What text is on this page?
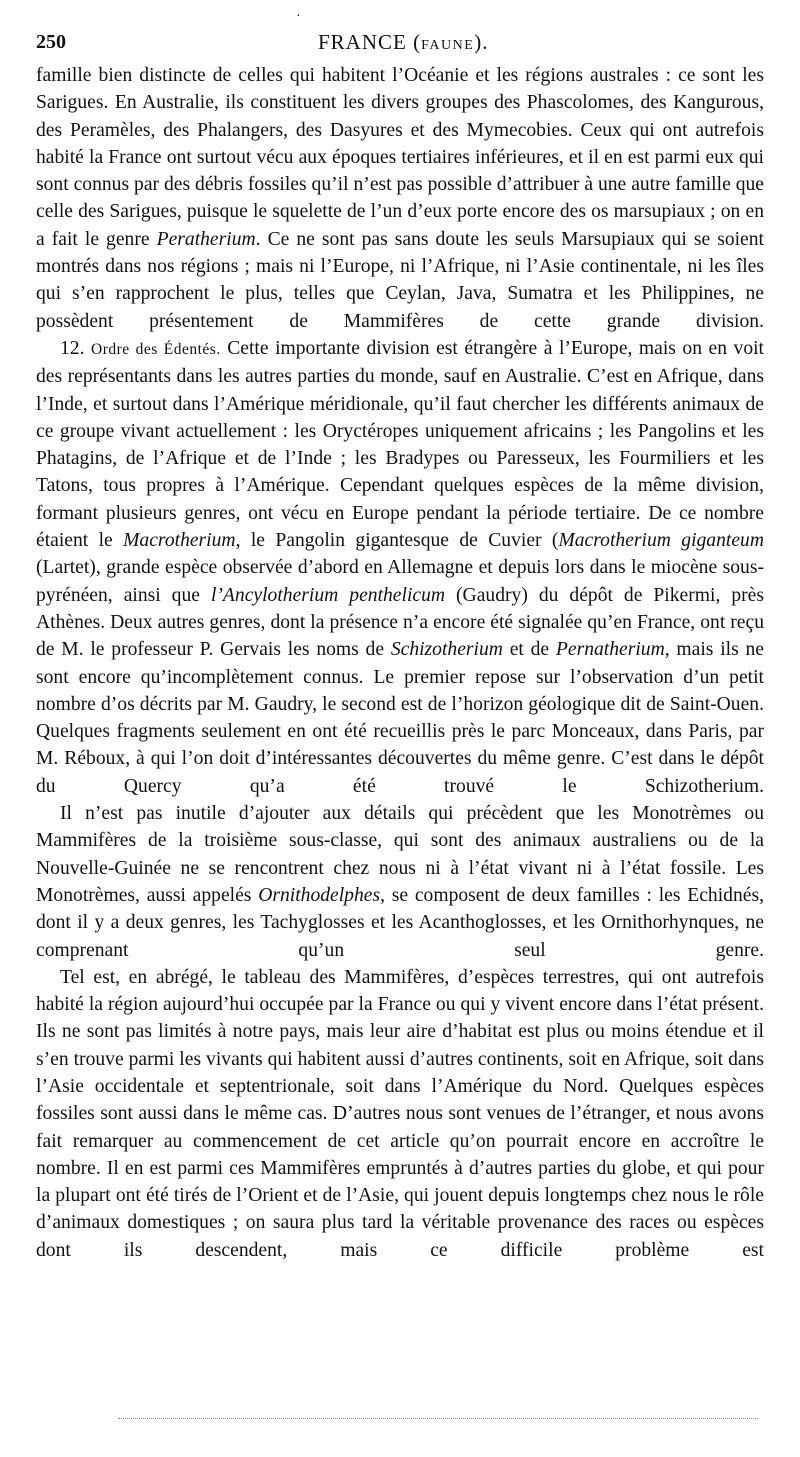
·
250	FRANCE (FAUNE).

famille bien distincte de celles qui habitent l’Océanie et les régions australes : ce sont les Sarigues. En Australie, ils constituent les divers groupes des Phascolomes, des Kangurous, des Peramèles, des Phalangers, des Dasyures et des Mymecobies. Ceux qui ont autrefois habité la France ont surtout vécu aux époques tertiaires inférieures, et il en est parmi eux qui sont connus par des débris fossiles qu’il n’est pas possible d’attribuer à une autre famille que celle des Sarigues, puisque le squelette de l’un d’eux porte encore des os marsupiaux ; on en a fait le genre Peratherium. Ce ne sont pas sans doute les seuls Marsupiaux qui se soient montrés dans nos régions ; mais ni l’Europe, ni l’Afrique, ni l’Asie continentale, ni les îles qui s’en rapprochent le plus, telles que Ceylan, Java, Sumatra et les Philippines, ne possèdent présentement de Mammifères de cette grande division.

12. Ordre des Édentés. Cette importante division est étrangère à l’Europe, mais on en voit des représentants dans les autres parties du monde, sauf en Australie. C’est en Afrique, dans l’Inde, et surtout dans l’Amérique méridionale, qu’il faut chercher les différents animaux de ce groupe vivant actuellement : les Oryctéropes uniquement africains ; les Pangolins et les Phatagins, de l’Afrique et de l’Inde ; les Bradypes ou Paresseux, les Fourmiliers et les Tatons, tous propres à l’Amérique. Cependant quelques espèces de la même division, formant plusieurs genres, ont vécu en Europe pendant la période tertiaire. De ce nombre étaient le Macrotherium, le Pangolin gigantesque de Cuvier (Macrotherium giganteum (Lartet), grande espèce observée d’abord en Allemagne et depuis lors dans le miocène sous-pyrénéen, ainsi que l’Ancylotherium penthelicum (Gaudry) du dépôt de Pikermi, près Athènes. Deux autres genres, dont la présence n’a encore été signalée qu’en France, ont reçu de M. le professeur P. Gervais les noms de Schizotherium et de Pernatherium, mais ils ne sont encore qu’incomplètement connus. Le premier repose sur l’observation d’un petit nombre d’os décrits par M. Gaudry, le second est de l’horizon géologique dit de Saint-Ouen. Quelques fragments seulement en ont été recueillis près le parc Monceaux, dans Paris, par M. Réboux, à qui l’on doit d’intéressantes découvertes du même genre. C’est dans le dépôt du Quercy qu’a été trouvé le Schizotherium.

Il n’est pas inutile d’ajouter aux détails qui précèdent que les Monotrèmes ou Mammifères de la troisième sous-classe, qui sont des animaux australiens ou de la Nouvelle-Guinée ne se rencontrent chez nous ni à l’état vivant ni à l’état fossile. Les Monotrèmes, aussi appelés Ornithodelphes, se composent de deux familles : les Echidnés, dont il y a deux genres, les Tachyglosses et les Acanthoglosses, et les Ornithorhynques, ne comprenant qu’un seul genre.

Tel est, en abrégé, le tableau des Mammifères, d’espèces terrestres, qui ont autrefois habité la région aujourd’hui occupée par la France ou qui y vivent encore dans l’état présent. Ils ne sont pas limités à notre pays, mais leur aire d’habitat est plus ou moins étendue et il s’en trouve parmi les vivants qui habitent aussi d’autres continents, soit en Afrique, soit dans l’Asie occidentale et septentrionale, soit dans l’Amérique du Nord. Quelques espèces fossiles sont aussi dans le même cas. D’autres nous sont venues de l’étranger, et nous avons fait remarquer au commencement de cet article qu’on pourrait encore en accroître le nombre. Il en est parmi ces Mammifères empruntés à d’autres parties du globe, et qui pour la plupart ont été tirés de l’Orient et de l’Asie, qui jouent depuis longtemps chez nous le rôle d’animaux domestiques ; on saura plus tard la véritable provenance des races ou espèces dont ils descendent, mais ce difficile problème est
